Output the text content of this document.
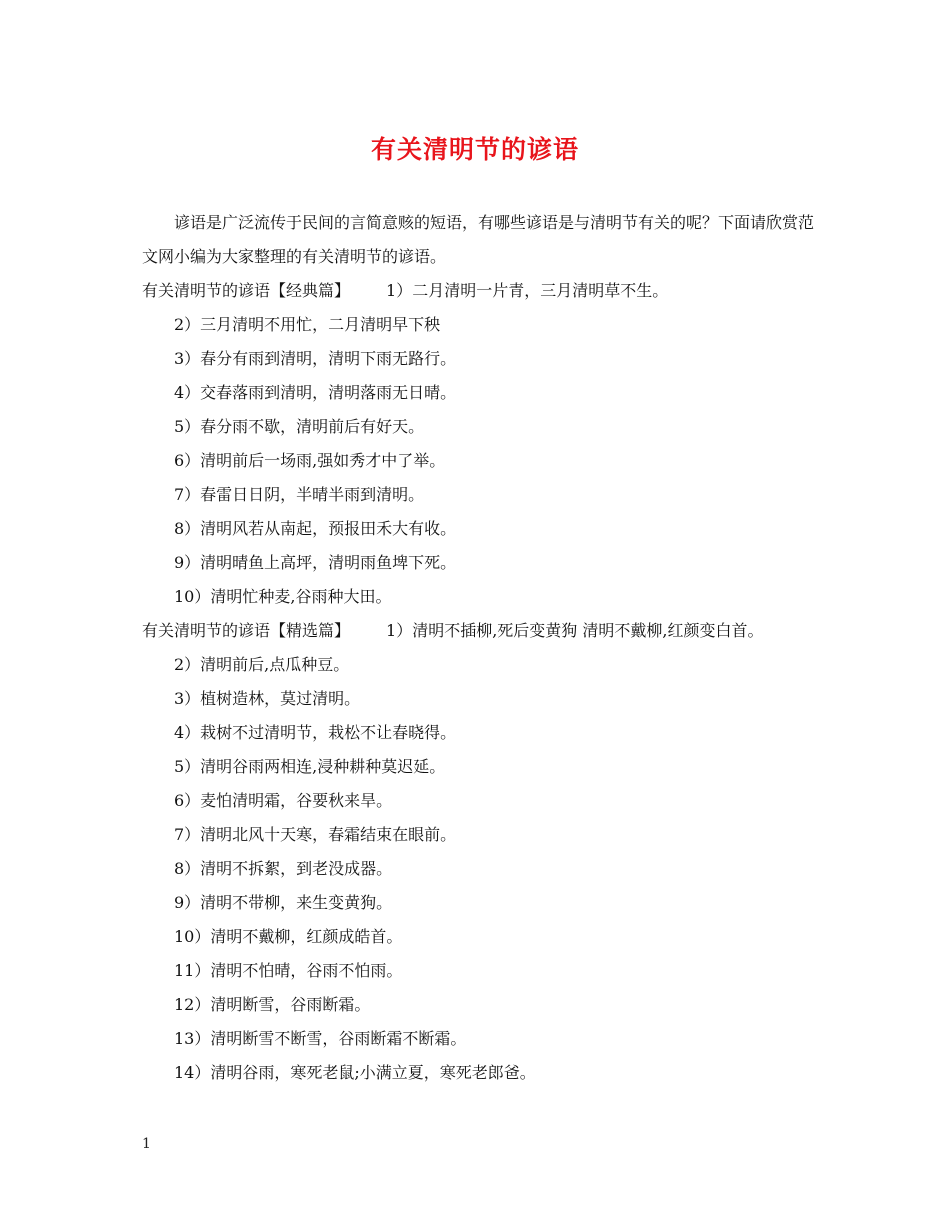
有关清明节的谚语

谚语是广泛流传于民间的言简意赅的短语，有哪些谚语是与清明节有关的呢？下面请欣赏范文网小编为大家整理的有关清明节的谚语。

有关清明节的谚语【经典篇】 1）二月清明一片青，三月清明草不生。

2）三月清明不用忙，二月清明早下秧

3）春分有雨到清明，清明下雨无路行。

4）交春落雨到清明，清明落雨无日晴。

5）春分雨不歇，清明前后有好天。

6）清明前后一场雨,强如秀才中了举。

7）春雷日日阴，半晴半雨到清明。

8）清明风若从南起，预报田禾大有收。

9）清明晴鱼上高坪，清明雨鱼埤下死。

10）清明忙种麦,谷雨种大田。

有关清明节的谚语【精选篇】 1）清明不插柳,死后变黄狗 清明不戴柳,红颜变白首。

2）清明前后,点瓜种豆。

3）植树造林，莫过清明。

4）栽树不过清明节，栽松不让春晓得。

5）清明谷雨两相连,浸种耕种莫迟延。

6）麦怕清明霜，谷要秋来旱。

7）清明北风十天寒，春霜结束在眼前。

8）清明不拆絮，到老没成器。

9）清明不带柳，来生变黄狗。

10）清明不戴柳，红颜成皓首。

11）清明不怕晴，谷雨不怕雨。

12）清明断雪，谷雨断霜。

13）清明断雪不断雪，谷雨断霜不断霜。

14）清明谷雨，寒死老鼠;小满立夏，寒死老郎爸。

1
